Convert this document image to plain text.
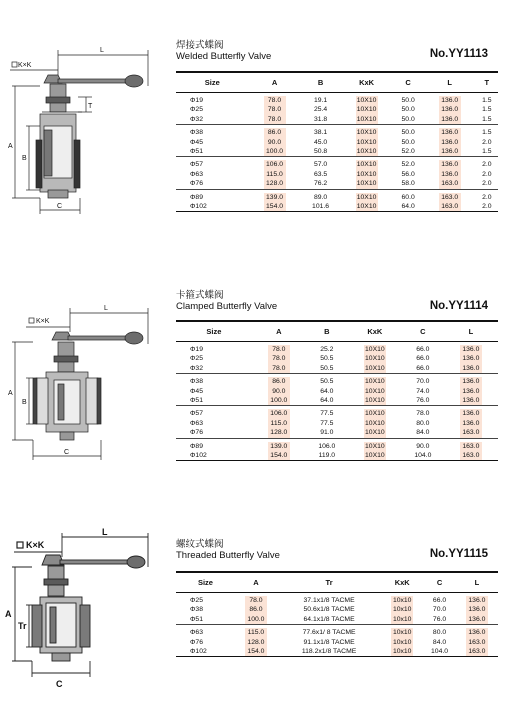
K×K
L
T
A
B
C
焊接式蝶阀
Welded Butterfly Valve	No.YY1113
Size	A	B	KxK	C	L	T
Φ19	78.0	19.1	10X10	50.0	136.0	1.5
Φ25	78.0	25.4	10X10	50.0	136.0	1.5
Φ32	78.0	31.8	10X10	50.0	136.0	1.5
Φ38	86.0	38.1	10X10	50.0	136.0	1.5
Φ45	90.0	45.0	10X10	50.0	136.0	2.0
Φ51	100.0	50.8	10X10	52.0	136.0	1.5
Φ57	106.0	57.0	10X10	52.0	136.0	2.0
Φ63	115.0	63.5	10X10	56.0	136.0	2.0
Φ76	128.0	76.2	10X10	58.0	163.0	2.0
Φ89	139.0	89.0	10X10	60.0	163.0	2.0
Φ102	154.0	101.6	10X10	64.0	163.0	2.0
K×K
L
A
B
C
卡箍式蝶阀
Clamped Butterfly Valve	No.YY1114
Size	A	B	KxK	C	L
Φ19	78.0	25.2	10X10	66.0	136.0
Φ25	78.0	50.5	10X10	66.0	136.0
Φ32	78.0	50.5	10X10	66.0	136.0
Φ38	86.0	50.5	10X10	70.0	136.0
Φ45	90.0	64.0	10X10	74.0	136.0
Φ51	100.0	64.0	10X10	76.0	136.0
Φ57	106.0	77.5	10X10	78.0	136.0
Φ63	115.0	77.5	10X10	80.0	136.0
Φ76	128.0	91.0	10X10	84.0	163.0
Φ89	139.0	106.0	10X10	90.0	163.0
Φ102	154.0	119.0	10X10	104.0	163.0
K×K
L
A
Tr
C
螺纹式蝶阀
Threaded Butterfly Valve	No.YY1115
Size	A	Tr	KxK	C	L
Φ25	78.0	37.1x1/8 TACME	10x10	66.0	136.0
Φ38	86.0	50.6x1/8 TACME	10x10	70.0	136.0
Φ51	100.0	64.1x1/8 TACME	10x10	76.0	136.0
Φ63	115.0	77.6x1/ 8 TACME	10x10	80.0	136.0
Φ76	128.0	91.1x1/8 TACME	10x10	84.0	163.0
Φ102	154.0	118.2x1/8 TACME	10x10	104.0	163.0
